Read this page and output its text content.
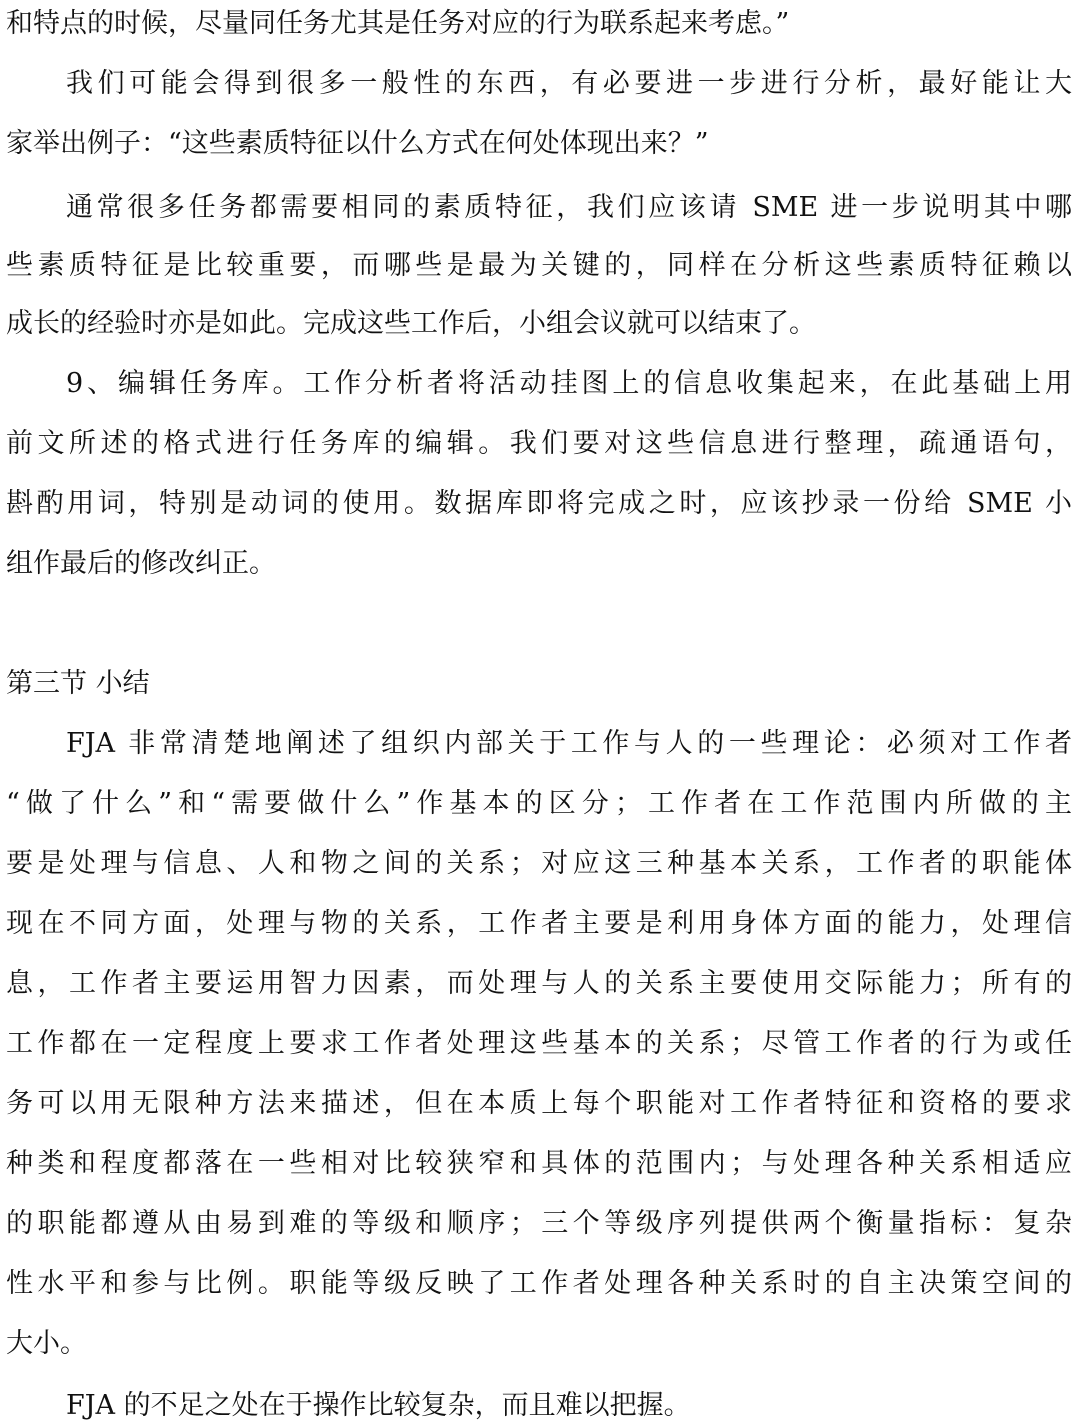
和特点的时候，尽量同任务尤其是任务对应的行为联系起来考虑。”
我们可能会得到很多一般性的东西，有必要进一步进行分析，最好能让大
家举出例子：“这些素质特征以什么方式在何处体现出来？”
通常很多任务都需要相同的素质特征，我们应该请 SME 进一步说明其中哪
些素质特征是比较重要，而哪些是最为关键的，同样在分析这些素质特征赖以
成长的经验时亦是如此。完成这些工作后，小组会议就可以结束了。
9、编辑任务库。工作分析者将活动挂图上的信息收集起来，在此基础上用
前文所述的格式进行任务库的编辑。我们要对这些信息进行整理，疏通语句，
斟酌用词，特别是动词的使用。数据库即将完成之时，应该抄录一份给 SME 小
组作最后的修改纠正。
第三节 小结
FJA 非常清楚地阐述了组织内部关于工作与人的一些理论：必须对工作者
“做了什么”和“需要做什么”作基本的区分；工作者在工作范围内所做的主
要是处理与信息、人和物之间的关系；对应这三种基本关系，工作者的职能体
现在不同方面，处理与物的关系，工作者主要是利用身体方面的能力，处理信
息，工作者主要运用智力因素，而处理与人的关系主要使用交际能力；所有的
工作都在一定程度上要求工作者处理这些基本的关系；尽管工作者的行为或任
务可以用无限种方法来描述，但在本质上每个职能对工作者特征和资格的要求
种类和程度都落在一些相对比较狭窄和具体的范围内；与处理各种关系相适应
的职能都遵从由易到难的等级和顺序；三个等级序列提供两个衡量指标：复杂
性水平和参与比例。职能等级反映了工作者处理各种关系时的自主决策空间的
大小。
FJA 的不足之处在于操作比较复杂，而且难以把握。
